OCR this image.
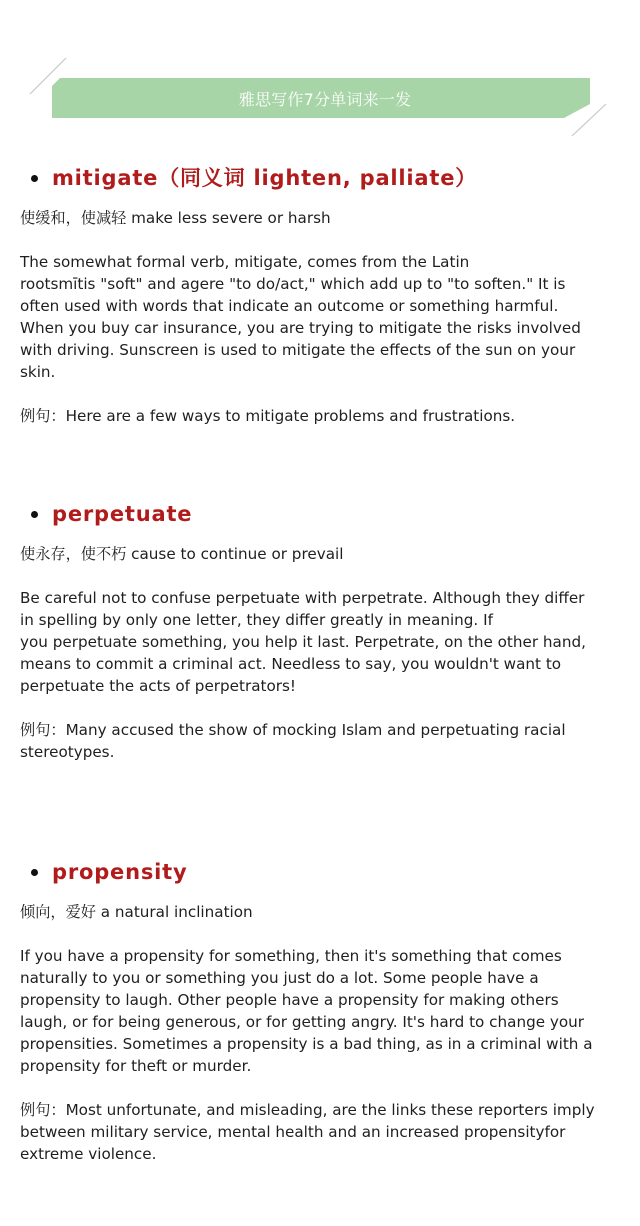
雅思写作7分单词来一发
mitigate（同义词 lighten, palliate）

使缓和，使减轻 make less severe or harsh

The somewhat formal verb, mitigate, comes from the Latin

rootsmītis "soft" and agere "to do/act," which add up to "to soften." It is

often used with words that indicate an outcome or something harmful.

When you buy car insurance, you are trying to mitigate the risks involved

with driving. Sunscreen is used to mitigate the effects of the sun on your

skin.

例句：Here are a few ways to mitigate problems and frustrations.

perpetuate

使永存，使不朽 cause to continue or prevail

Be careful not to confuse perpetuate with perpetrate. Although they differ

in spelling by only one letter, they differ greatly in meaning. If

you perpetuate something, you help it last. Perpetrate, on the other hand,

means to commit a criminal act. Needless to say, you wouldn't want to

perpetuate the acts of perpetrators!

例句：Many accused the show of mocking Islam and perpetuating racial

stereotypes.

propensity

倾向，爱好 a natural inclination

If you have a propensity for something, then it's something that comes

naturally to you or something you just do a lot. Some people have a

propensity to laugh. Other people have a propensity for making others

laugh, or for being generous, or for getting angry. It's hard to change your

propensities. Sometimes a propensity is a bad thing, as in a criminal with a

propensity for theft or murder.

例句：Most unfortunate, and misleading, are the links these reporters imply

between military service, mental health and an increased propensityfor

extreme violence.
